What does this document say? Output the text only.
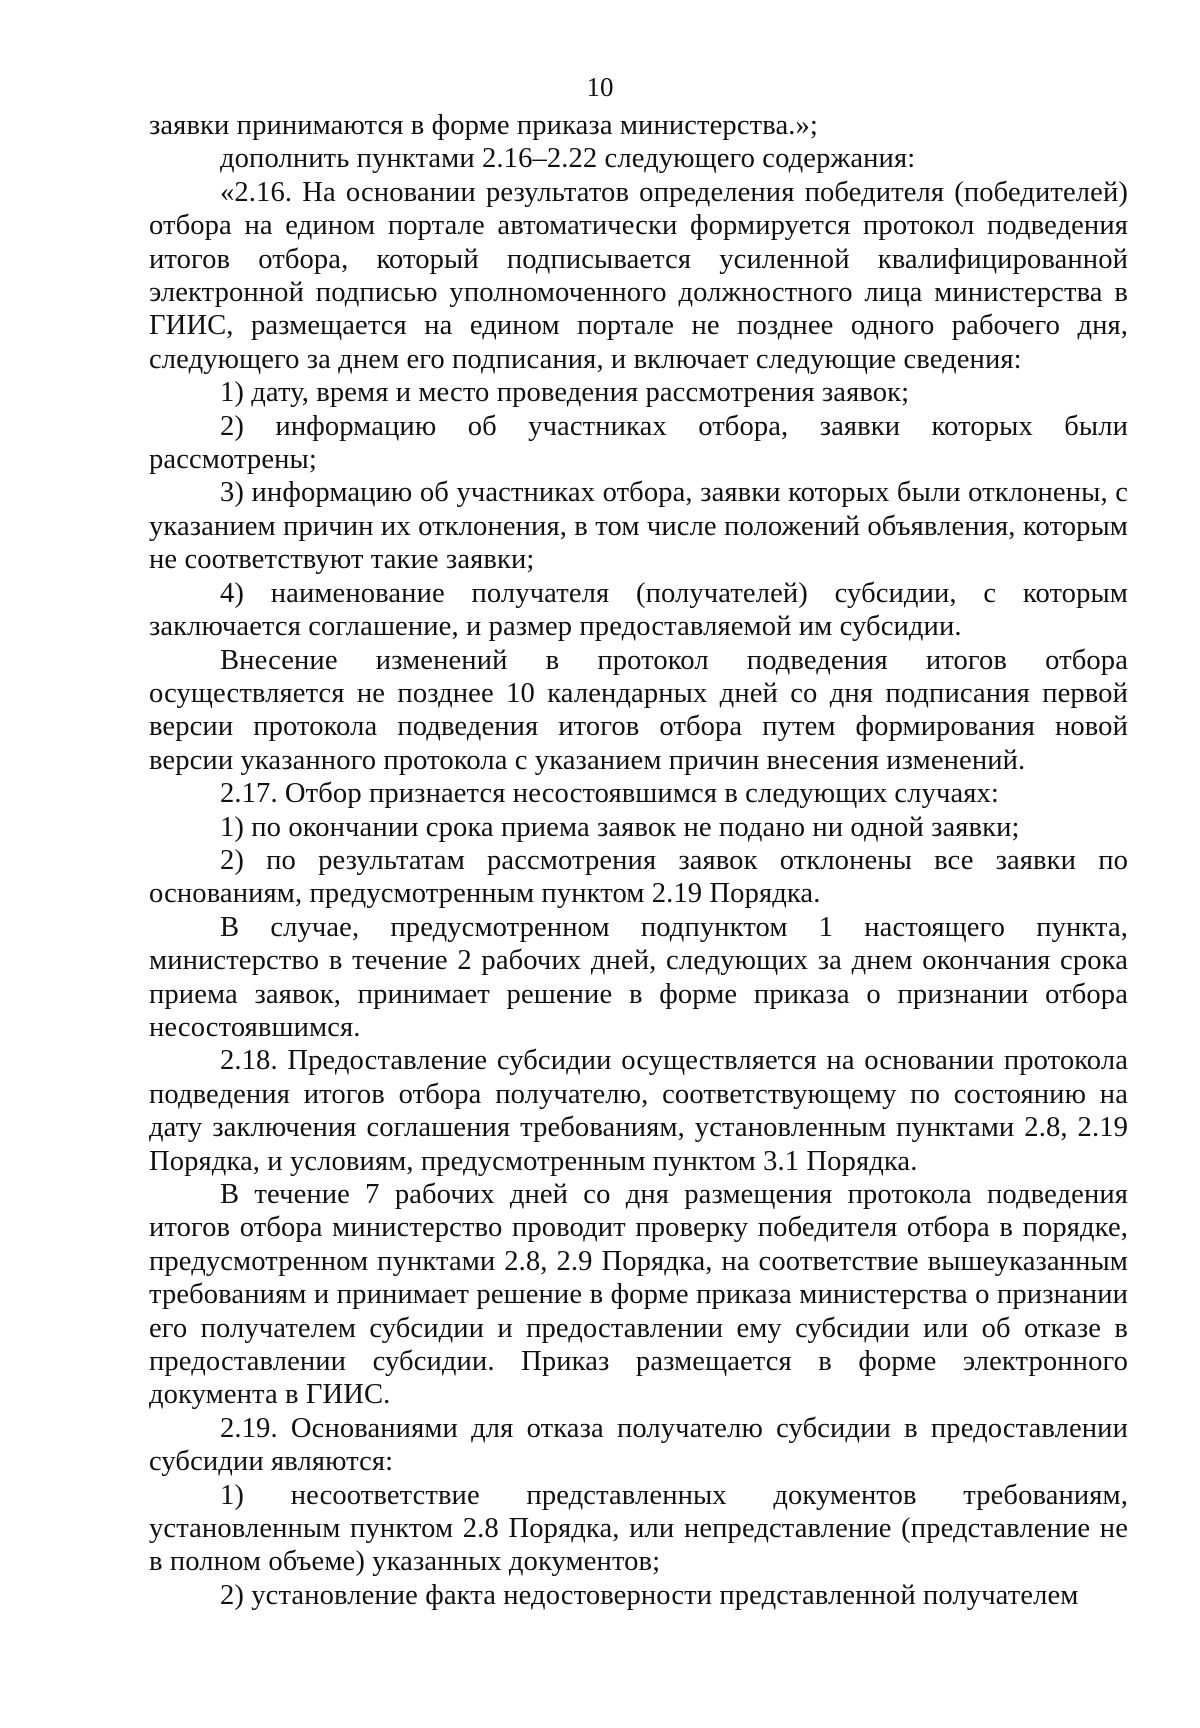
10

заявки принимаются в форме приказа министерства.»;

дополнить пунктами 2.16–2.22 следующего содержания:

«2.16. На основании результатов определения победителя (победителей) отбора на едином портале автоматически формируется протокол подведения итогов отбора, который подписывается усиленной квалифицированной электронной подписью уполномоченного должностного лица министерства в ГИИС, размещается на едином портале не позднее одного рабочего дня, следующего за днем его подписания, и включает следующие сведения:

1) дату, время и место проведения рассмотрения заявок;

2) информацию об участниках отбора, заявки которых были рассмотрены;

3) информацию об участниках отбора, заявки которых были отклонены, с указанием причин их отклонения, в том числе положений объявления, которым не соответствуют такие заявки;

4) наименование получателя (получателей) субсидии, с которым заключается соглашение, и размер предоставляемой им субсидии.

Внесение изменений в протокол подведения итогов отбора осуществляется не позднее 10 календарных дней со дня подписания первой версии протокола подведения итогов отбора путем формирования новой версии указанного протокола с указанием причин внесения изменений.

2.17. Отбор признается несостоявшимся в следующих случаях:

1) по окончании срока приема заявок не подано ни одной заявки;

2) по результатам рассмотрения заявок отклонены все заявки по основаниям, предусмотренным пунктом 2.19 Порядка.

В случае, предусмотренном подпунктом 1 настоящего пункта, министерство в течение 2 рабочих дней, следующих за днем окончания срока приема заявок, принимает решение в форме приказа о признании отбора несостоявшимся.

2.18. Предоставление субсидии осуществляется на основании протокола подведения итогов отбора получателю, соответствующему по состоянию на дату заключения соглашения требованиям, установленным пунктами 2.8, 2.19 Порядка, и условиям, предусмотренным пунктом 3.1 Порядка.

В течение 7 рабочих дней со дня размещения протокола подведения итогов отбора министерство проводит проверку победителя отбора в порядке, предусмотренном пунктами 2.8, 2.9 Порядка, на соответствие вышеуказанным требованиям и принимает решение в форме приказа министерства о признании его получателем субсидии и предоставлении ему субсидии или об отказе в предоставлении субсидии. Приказ размещается в форме электронного документа в ГИИС.

2.19. Основаниями для отказа получателю субсидии в предоставлении субсидии являются:

1) несоответствие представленных документов требованиям, установленным пунктом 2.8 Порядка, или непредставление (представление не в полном объеме) указанных документов;

2) установление факта недостоверности представленной получателем
